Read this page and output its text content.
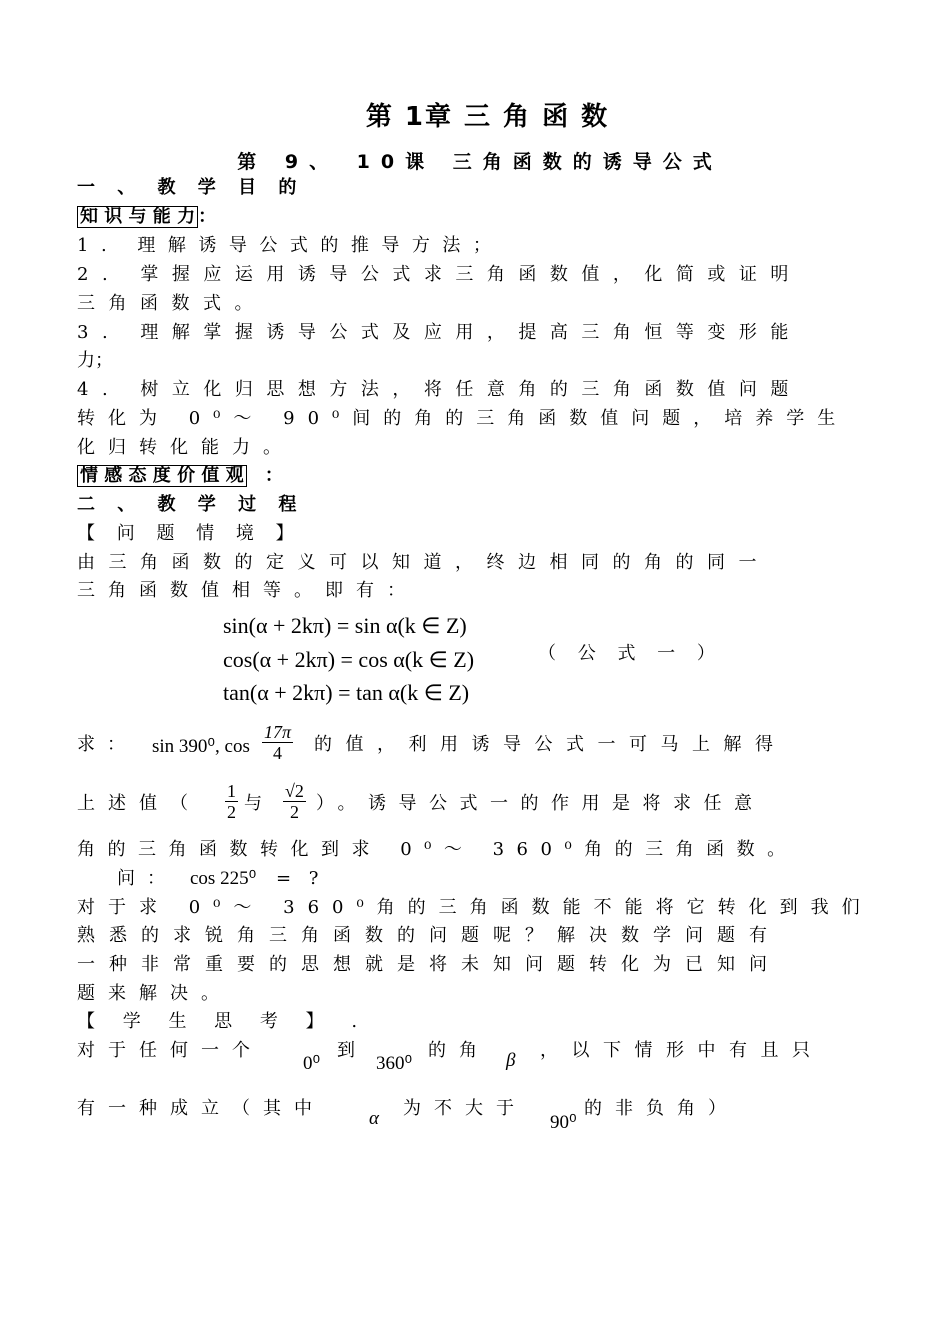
第 1章 三 角 函 数
第 9、 10课 三角函数的诱导公式
一 、 教 学 目 的
知 识 与 能 力 ：
1. 理解诱导公式的推导方法；
2. 掌握应运用诱导公式求三角函数值，化简或证明
三角函数式。
3. 理解掌握诱导公式及应用，提高三角恒等变形能
力；
4. 树立化归思想方法，将任意角的三角函数值问题
转化为 0⁰～ 90⁰间的角的三角函数值问题，培养学生
化归转化能力。
情 感 态 度 价 值 观 ：
二 、 教 学 过 程
【 问 题 情 境 】
由三角函数的定义可以知道，终边相同的角的同一
三角函数值相等。即有：
sin(α + 2kπ) = sin α(k ∈ Z)
cos(α + 2kπ) = cos α(k ∈ Z)
tan(α + 2kπ) = tan α(k ∈ Z)
（ 公 式 一 ）
求： sin 390⁰, $\cos \frac{17\pi}{4}$ 的值，利用诱导公式一可马上解得
上述值（	$\frac{1}{2}$ 与	$\frac{√2}{2}$ ）。诱导公式一的作用是将求任意
角的三角函数转化到求 0⁰～ 360⁰角的三角函数。
问： cos 225⁰ = ?
对于求 0⁰～ 360⁰角的三角函数能不能将它转化到我们
熟悉的求锐角三角函数的问题呢？解决数学问题有
一种非常重要的思想就是将未知问题转化为已知问
题来解决。
【 学 生 思 考 】 .
对于任何一个
0⁰
到
360⁰
的角 β ，以下情形中有且只
有一种成立（其中	α 为不大于
90⁰
的非负角）
